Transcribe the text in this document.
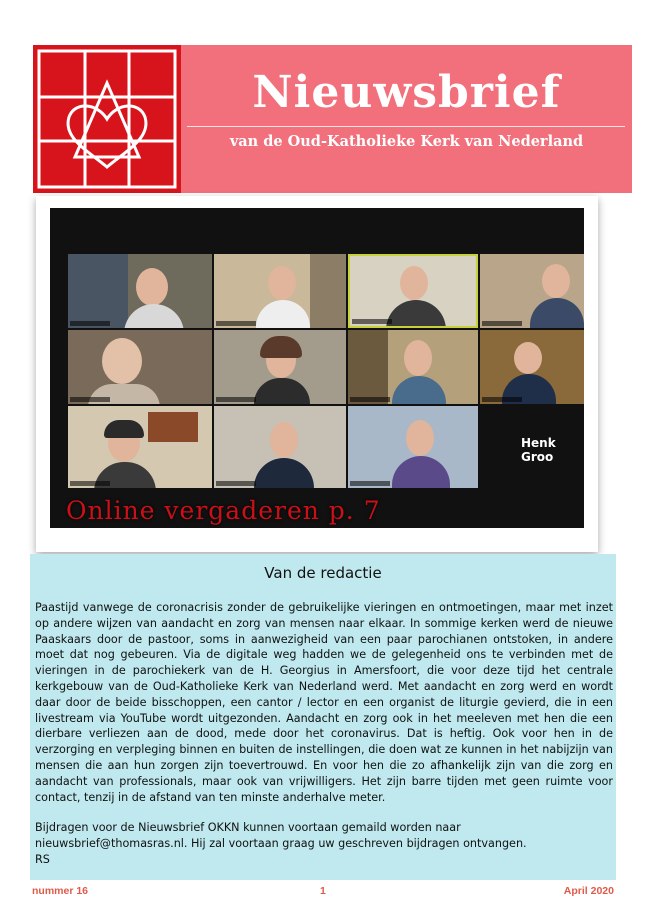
Nieuwsbrief
van de Oud-Katholieke Kerk van Nederland
Henk Groo
Online vergaderen p. 7
Van de redactie

Paastijd vanwege de coronacrisis zonder de gebruikelijke vieringen en ontmoetingen, maar met inzet op andere wijzen van aandacht en zorg van mensen naar elkaar. In sommige kerken werd de nieuwe Paaskaars door de pastoor, soms in aanwezigheid van een paar parochianen ontstoken, in andere moet dat nog gebeuren. Via de digitale weg hadden we de gelegenheid ons te verbinden met de vieringen in de parochiekerk van de H. Georgius in Amersfoort, die voor deze tijd het centrale kerkgebouw van de Oud-Katholieke Kerk van Nederland werd. Met aandacht en zorg werd en wordt daar door de beide bisschoppen, een cantor / lector en een organist de liturgie gevierd, die in een livestream via YouTube wordt uitgezonden. Aandacht en zorg ook in het meeleven met hen die een dierbare verliezen aan de dood, mede door het coronavirus. Dat is heftig. Ook voor hen in de verzorging en verpleging binnen en buiten de instellingen, die doen wat ze kunnen in het nabijzijn van mensen die aan hun zorgen zijn toevertrouwd. En voor hen die zo afhankelijk zijn van die zorg en aandacht van professionals, maar ook van vrijwilligers. Het zijn barre tijden met geen ruimte voor contact, tenzij in de afstand van ten minste anderhalve meter.

Bijdragen voor de Nieuwsbrief OKKN kunnen voortaan gemaild worden naar nieuwsbrief@thomasras.nl. Hij zal voortaan graag uw geschreven bijdragen ontvangen.

RS
nummer 16	1	April 2020
